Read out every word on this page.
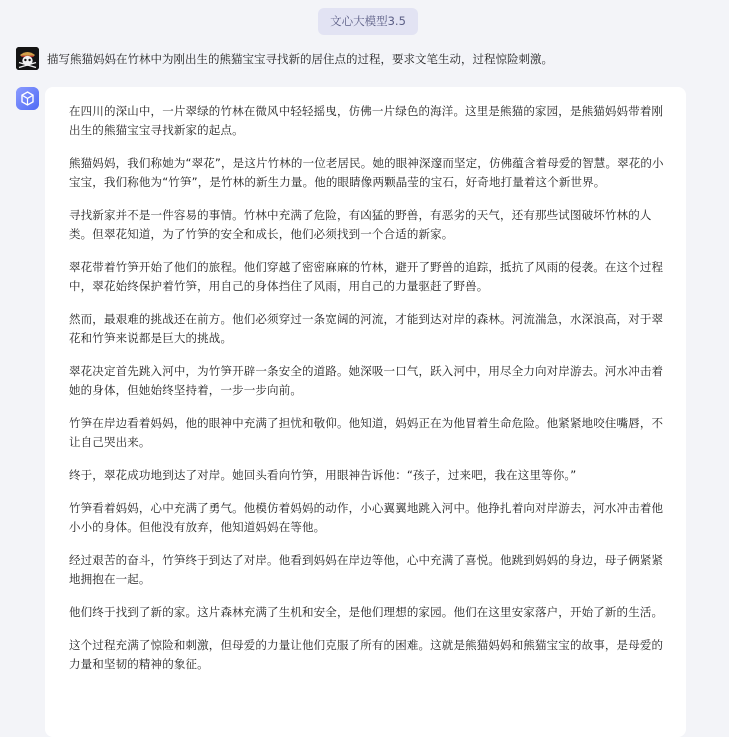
文心大模型3.5
描写熊猫妈妈在竹林中为刚出生的熊猫宝宝寻找新的居住点的过程，要求文笔生动，过程惊险刺激。

在四川的深山中，一片翠绿的竹林在微风中轻轻摇曳，仿佛一片绿色的海洋。这里是熊猫的家园，是熊猫妈妈带着刚出生的熊猫宝宝寻找新家的起点。

熊猫妈妈，我们称她为“翠花”，是这片竹林的一位老居民。她的眼神深邃而坚定，仿佛蕴含着母爱的智慧。翠花的小宝宝，我们称他为“竹笋”，是竹林的新生力量。他的眼睛像两颗晶莹的宝石，好奇地打量着这个新世界。

寻找新家并不是一件容易的事情。竹林中充满了危险，有凶猛的野兽，有恶劣的天气，还有那些试图破坏竹林的人类。但翠花知道，为了竹笋的安全和成长，他们必须找到一个合适的新家。

翠花带着竹笋开始了他们的旅程。他们穿越了密密麻麻的竹林，避开了野兽的追踪，抵抗了风雨的侵袭。在这个过程中，翠花始终保护着竹笋，用自己的身体挡住了风雨，用自己的力量驱赶了野兽。

然而，最艰难的挑战还在前方。他们必须穿过一条宽阔的河流，才能到达对岸的森林。河流湍急，水深浪高，对于翠花和竹笋来说都是巨大的挑战。

翠花决定首先跳入河中，为竹笋开辟一条安全的道路。她深吸一口气，跃入河中，用尽全力向对岸游去。河水冲击着她的身体，但她始终坚持着，一步一步向前。

竹笋在岸边看着妈妈，他的眼神中充满了担忧和敬仰。他知道，妈妈正在为他冒着生命危险。他紧紧地咬住嘴唇，不让自己哭出来。

终于，翠花成功地到达了对岸。她回头看向竹笋，用眼神告诉他：“孩子，过来吧，我在这里等你。”

竹笋看着妈妈，心中充满了勇气。他模仿着妈妈的动作，小心翼翼地跳入河中。他挣扎着向对岸游去，河水冲击着他小小的身体。但他没有放弃，他知道妈妈在等他。

经过艰苦的奋斗，竹笋终于到达了对岸。他看到妈妈在岸边等他，心中充满了喜悦。他跳到妈妈的身边，母子俩紧紧地拥抱在一起。

他们终于找到了新的家。这片森林充满了生机和安全，是他们理想的家园。他们在这里安家落户，开始了新的生活。

这个过程充满了惊险和刺激，但母爱的力量让他们克服了所有的困难。这就是熊猫妈妈和熊猫宝宝的故事，是母爱的力量和坚韧的精神的象征。
